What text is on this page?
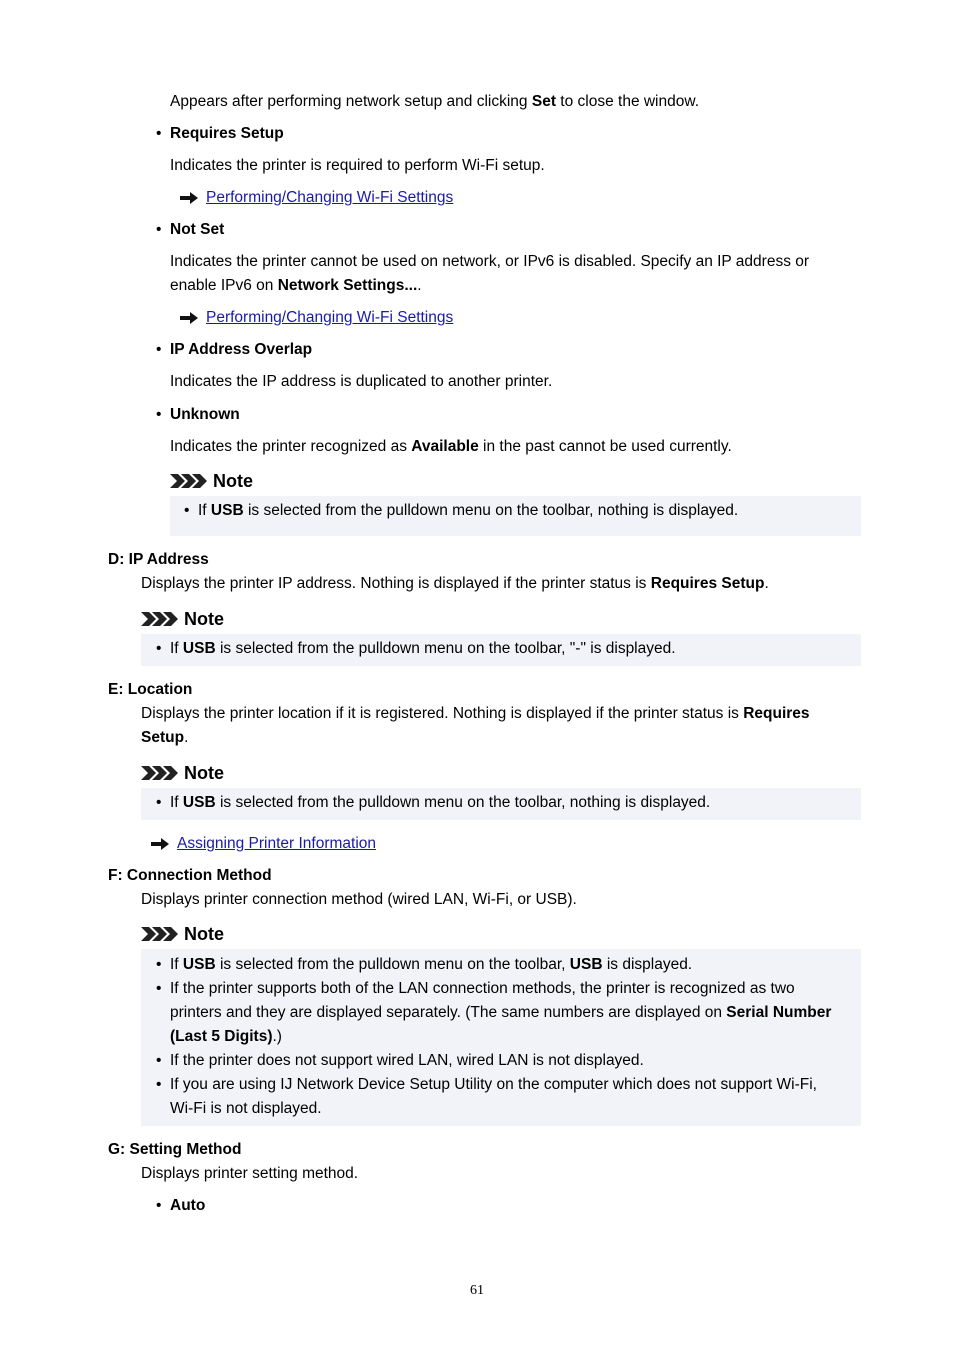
Appears after performing network setup and clicking Set to close the window.
• Requires Setup
Indicates the printer is required to perform Wi-Fi setup.
Performing/Changing Wi-Fi Settings
• Not Set
Indicates the printer cannot be used on network, or IPv6 is disabled. Specify an IP address or
enable IPv6 on Network Settings....
Performing/Changing Wi-Fi Settings
• IP Address Overlap
Indicates the IP address is duplicated to another printer.
• Unknown
Indicates the printer recognized as Available in the past cannot be used currently.
Note
• If USB is selected from the pulldown menu on the toolbar, nothing is displayed.
D: IP Address
Displays the printer IP address. Nothing is displayed if the printer status is Requires Setup.
Note
• If USB is selected from the pulldown menu on the toolbar, "-" is displayed.
E: Location
Displays the printer location if it is registered. Nothing is displayed if the printer status is Requires
Setup.
Note
• If USB is selected from the pulldown menu on the toolbar, nothing is displayed.
Assigning Printer Information
F: Connection Method
Displays printer connection method (wired LAN, Wi-Fi, or USB).
Note
• If USB is selected from the pulldown menu on the toolbar, USB is displayed.
• If the printer supports both of the LAN connection methods, the printer is recognized as two
printers and they are displayed separately. (The same numbers are displayed on Serial Number
(Last 5 Digits).)
• If the printer does not support wired LAN, wired LAN is not displayed.
• If you are using IJ Network Device Setup Utility on the computer which does not support Wi-Fi,
Wi-Fi is not displayed.
G: Setting Method
Displays printer setting method.
• Auto
61
